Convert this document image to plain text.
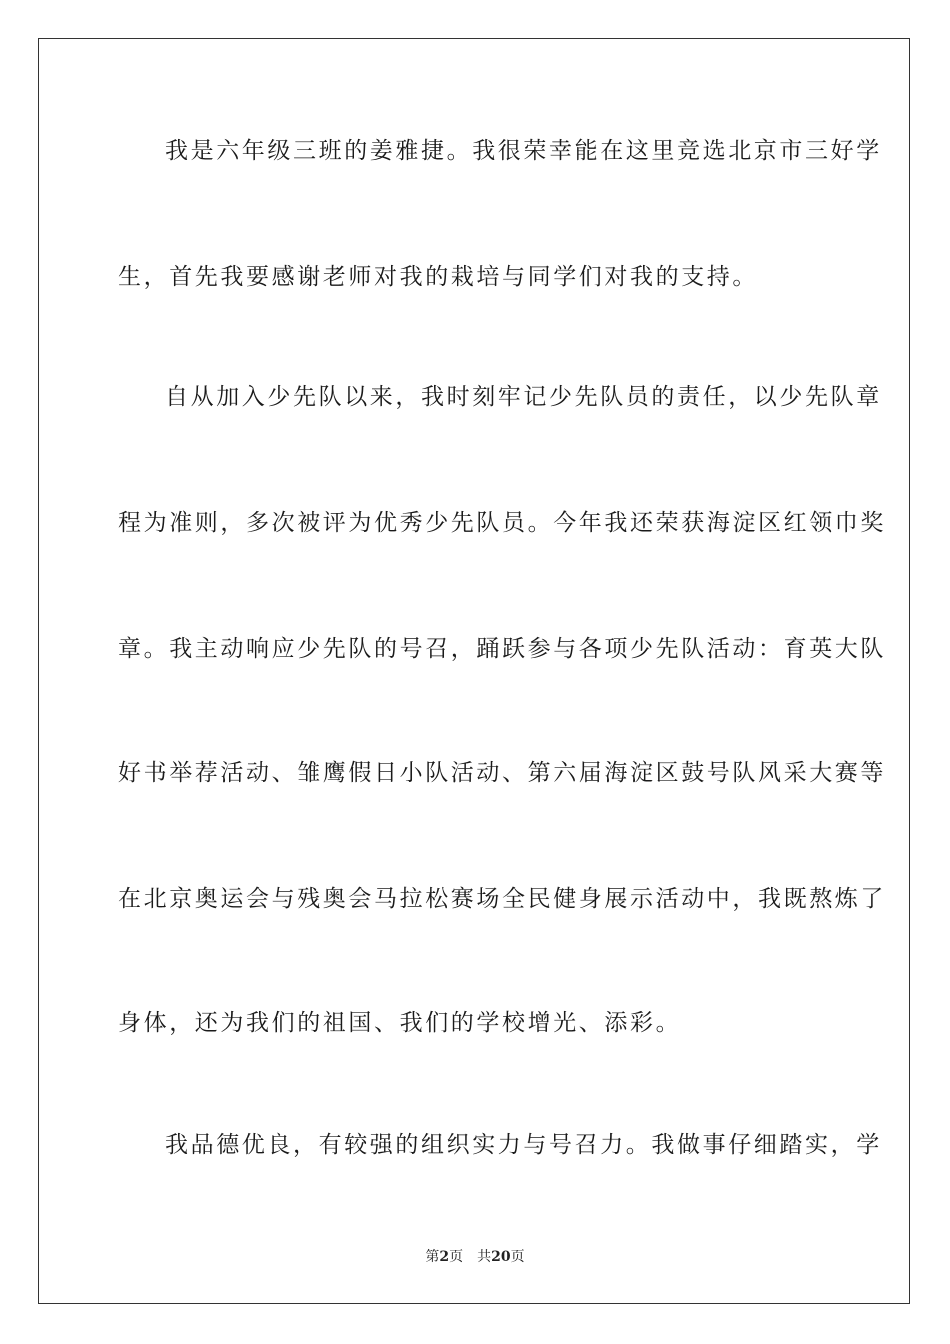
我是六年级三班的姜雅捷。我很荣幸能在这里竞选北京市三好学
生，首先我要感谢老师对我的栽培与同学们对我的支持。
自从加入少先队以来，我时刻牢记少先队员的责任，以少先队章
程为准则，多次被评为优秀少先队员。今年我还荣获海淀区红领巾奖
章。我主动响应少先队的号召，踊跃参与各项少先队活动：育英大队
好书举荐活动、雏鹰假日小队活动、第六届海淀区鼓号队风采大赛等
在北京奥运会与残奥会马拉松赛场全民健身展示活动中，我既熬炼了
身体，还为我们的祖国、我们的学校增光、添彩。
我品德优良，有较强的组织实力与号召力。我做事仔细踏实，学
第2页 共20页
